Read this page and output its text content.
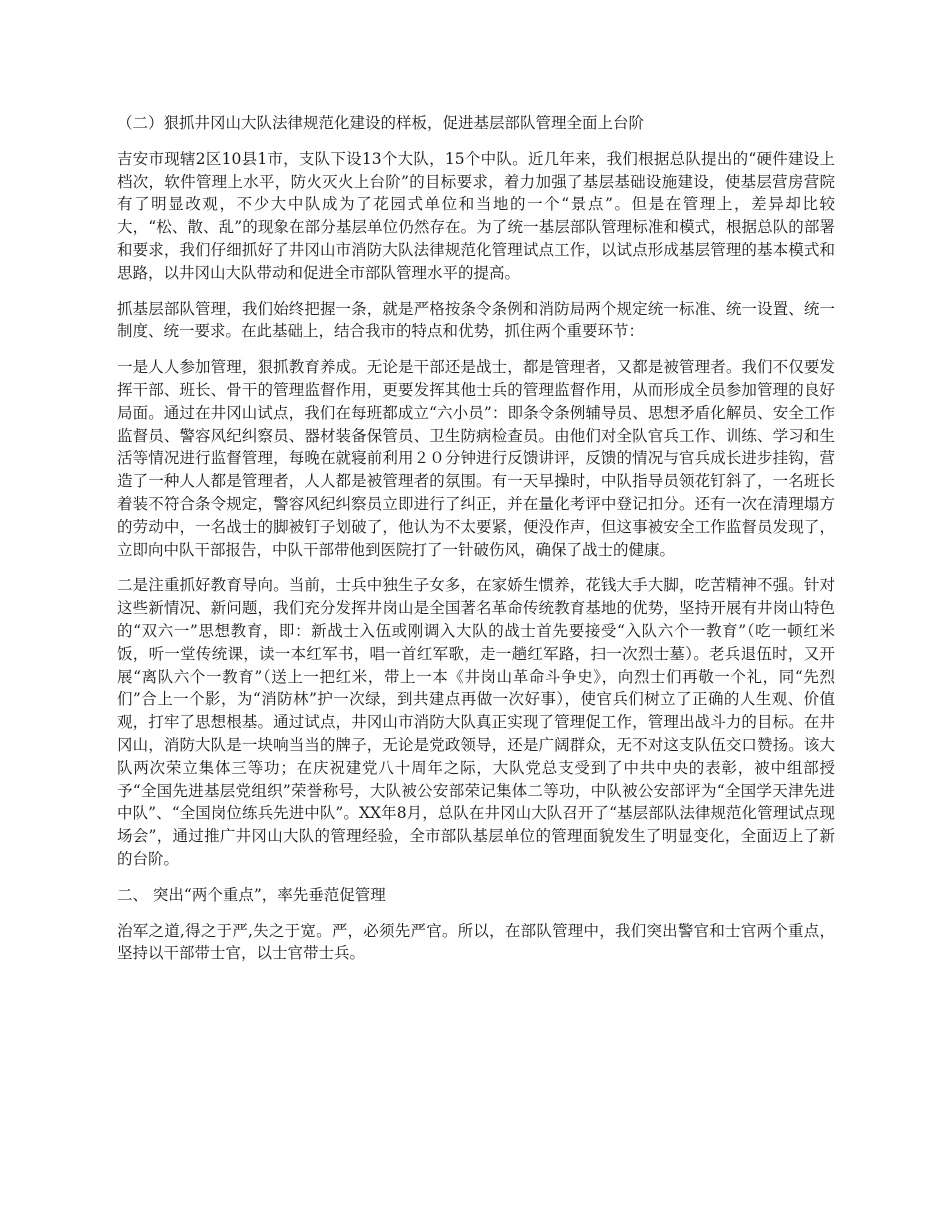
（二）狠抓井冈山大队法律规范化建设的样板，促进基层部队管理全面上台阶

吉安市现辖2区10县1市，支队下设13个大队，15个中队。近几年来，我们根据总队提出的“硬件建设上档次，软件管理上水平，防火灭火上台阶”的目标要求，着力加强了基层基础设施建设，使基层营房营院有了明显改观，不少大中队成为了花园式单位和当地的一个“景点”。但是在管理上，差异却比较大，“松、散、乱”的现象在部分基层单位仍然存在。为了统一基层部队管理标准和模式，根据总队的部署和要求，我们仔细抓好了井冈山市消防大队法律规范化管理试点工作，以试点形成基层管理的基本模式和思路，以井冈山大队带动和促进全市部队管理水平的提高。

抓基层部队管理，我们始终把握一条，就是严格按条令条例和消防局两个规定统一标准、统一设置、统一制度、统一要求。在此基础上，结合我市的特点和优势，抓住两个重要环节：

一是人人参加管理，狠抓教育养成。无论是干部还是战士，都是管理者，又都是被管理者。我们不仅要发挥干部、班长、骨干的管理监督作用，更要发挥其他士兵的管理监督作用，从而形成全员参加管理的良好局面。通过在井冈山试点，我们在每班都成立“六小员”：即条令条例辅导员、思想矛盾化解员、安全工作监督员、警容风纪纠察员、器材装备保管员、卫生防病检查员。由他们对全队官兵工作、训练、学习和生活等情况进行监督管理，每晚在就寝前利用２０分钟进行反馈讲评，反馈的情况与官兵成长进步挂钩，营造了一种人人都是管理者，人人都是被管理者的氛围。有一天早操时，中队指导员领花钉斜了，一名班长着装不符合条令规定，警容风纪纠察员立即进行了纠正，并在量化考评中登记扣分。还有一次在清理塌方的劳动中，一名战士的脚被钉子划破了，他认为不太要紧，便没作声，但这事被安全工作监督员发现了，立即向中队干部报告，中队干部带他到医院打了一针破伤风，确保了战士的健康。

二是注重抓好教育导向。当前，士兵中独生子女多，在家娇生惯养，花钱大手大脚，吃苦精神不强。针对这些新情况、新问题，我们充分发挥井岗山是全国著名革命传统教育基地的优势，坚持开展有井岗山特色的“双六一”思想教育，即：新战士入伍或刚调入大队的战士首先要接受“入队六个一教育”（吃一顿红米饭，听一堂传统课，读一本红军书，唱一首红军歌，走一趟红军路，扫一次烈士墓）。老兵退伍时，又开展“离队六个一教育”（送上一把红米，带上一本《井岗山革命斗争史》，向烈士们再敬一个礼，同“先烈们”合上一个影，为“消防林”护一次绿，到共建点再做一次好事），使官兵们树立了正确的人生观、价值观，打牢了思想根基。通过试点，井冈山市消防大队真正实现了管理促工作，管理出战斗力的目标。在井冈山，消防大队是一块响当当的牌子，无论是党政领导，还是广阔群众，无不对这支队伍交口赞扬。该大队两次荣立集体三等功；在庆祝建党八十周年之际，大队党总支受到了中共中央的表彰，被中组部授予“全国先进基层党组织”荣誉称号，大队被公安部荣记集体二等功，中队被公安部评为“全国学天津先进中队”、“全国岗位练兵先进中队”。XX年8月，总队在井冈山大队召开了“基层部队法律规范化管理试点现场会”，通过推广井冈山大队的管理经验，全市部队基层单位的管理面貌发生了明显变化，全面迈上了新的台阶。

二、 突出“两个重点”，率先垂范促管理

治军之道,得之于严,失之于宽。严，必须先严官。所以，在部队管理中，我们突出警官和士官两个重点，坚持以干部带士官，以士官带士兵。
